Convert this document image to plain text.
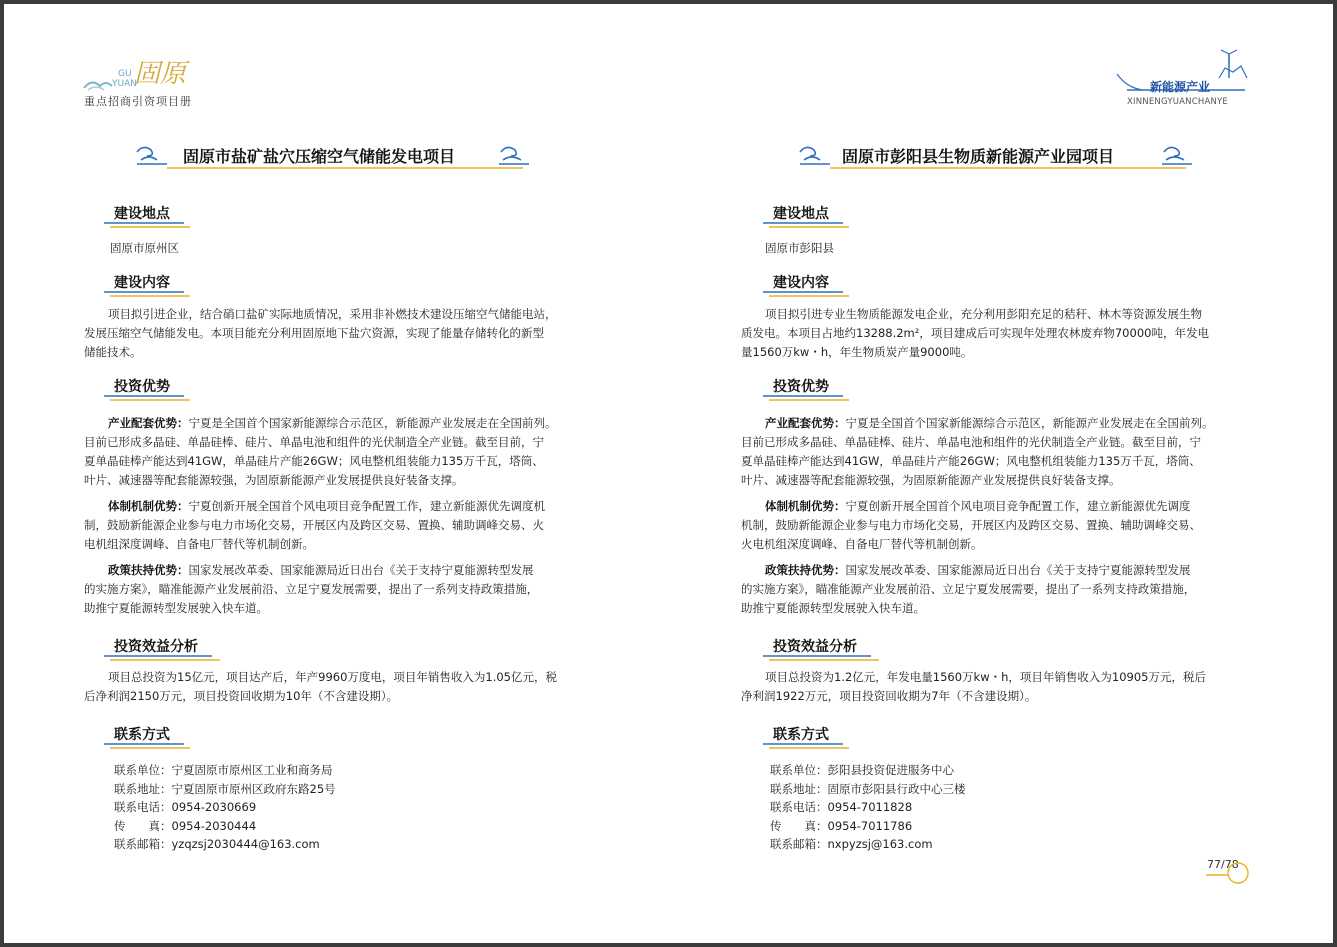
GU
YUAN
固原
重点招商引资项目册
新能源产业
XINNENGYUANCHANYE
固原市盐矿盐穴压缩空气储能发电项目
建设地点
固原市原州区
建设内容
项目拟引进企业，结合硝口盐矿实际地质情况，采用非补燃技术建设压缩空气储能电站，
发展压缩空气储能发电。本项目能充分利用固原地下盐穴资源，实现了能量存储转化的新型
储能技术。
投资优势
产业配套优势：宁夏是全国首个国家新能源综合示范区，新能源产业发展走在全国前列。
目前已形成多晶硅、单晶硅棒、硅片、单晶电池和组件的光伏制造全产业链。截至目前，宁
夏单晶硅棒产能达到41GW，单晶硅片产能26GW；风电整机组装能力135万千瓦，塔筒、
叶片、减速器等配套能源较强，为固原新能源产业发展提供良好装备支撑。
体制机制优势：宁夏创新开展全国首个风电项目竞争配置工作，建立新能源优先调度机
制，鼓励新能源企业参与电力市场化交易，开展区内及跨区交易、置换、辅助调峰交易、火
电机组深度调峰、自备电厂替代等机制创新。
政策扶持优势：国家发展改革委、国家能源局近日出台《关于支持宁夏能源转型发展
的实施方案》，瞄准能源产业发展前沿、立足宁夏发展需要，提出了一系列支持政策措施，
助推宁夏能源转型发展驶入快车道。
投资效益分析
项目总投资为15亿元，项目达产后，年产9960万度电，项目年销售收入为1.05亿元，税
后净利润2150万元，项目投资回收期为10年（不含建设期）。
联系方式
联系单位：宁夏固原市原州区工业和商务局
联系地址：宁夏固原市原州区政府东路25号
联系电话：0954-2030669
传　　真：0954-2030444
联系邮箱：yzqzsj2030444@163.com
固原市彭阳县生物质新能源产业园项目
建设地点
固原市彭阳县
建设内容
项目拟引进专业生物质能源发电企业，充分利用彭阳充足的秸秆、林木等资源发展生物
质发电。本项目占地约13288.2m²，项目建成后可实现年处理农林废弃物70000吨，年发电
量1560万kw・h，年生物质炭产量9000吨。
投资优势
产业配套优势：宁夏是全国首个国家新能源综合示范区，新能源产业发展走在全国前列。
目前已形成多晶硅、单晶硅棒、硅片、单晶电池和组件的光伏制造全产业链。截至目前，宁
夏单晶硅棒产能达到41GW，单晶硅片产能26GW；风电整机组装能力135万千瓦，塔筒、
叶片、减速器等配套能源较强，为固原新能源产业发展提供良好装备支撑。
体制机制优势：宁夏创新开展全国首个风电项目竞争配置工作，建立新能源优先调度
机制，鼓励新能源企业参与电力市场化交易，开展区内及跨区交易、置换、辅助调峰交易、
火电机组深度调峰、自备电厂替代等机制创新。
政策扶持优势：国家发展改革委、国家能源局近日出台《关于支持宁夏能源转型发展
的实施方案》，瞄准能源产业发展前沿、立足宁夏发展需要，提出了一系列支持政策措施，
助推宁夏能源转型发展驶入快车道。
投资效益分析
项目总投资为1.2亿元，年发电量1560万kw・h，项目年销售收入为10905万元，税后
净利润1922万元，项目投资回收期为7年（不含建设期）。
联系方式
联系单位：彭阳县投资促进服务中心
联系地址：固原市彭阳县行政中心三楼
联系电话：0954-7011828
传　　真：0954-7011786
联系邮箱：nxpyzsj@163.com
77/78
